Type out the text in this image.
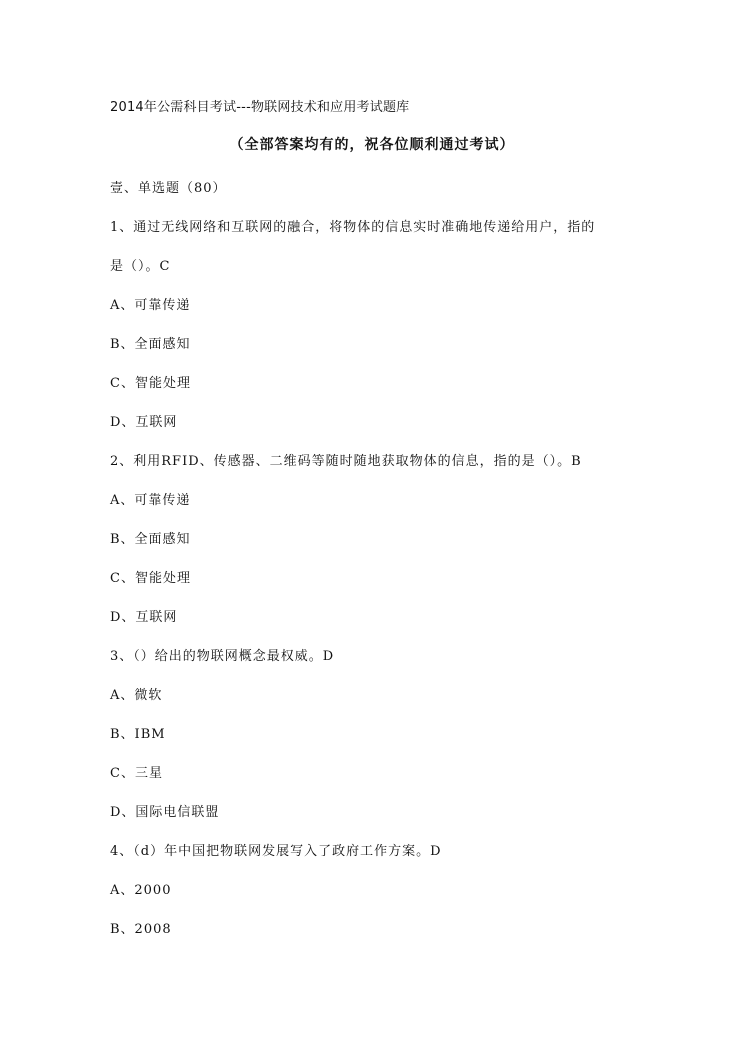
2014年公需科目考试---物联网技术和应用考试题库
（全部答案均有的，祝各位顺利通过考试）
壹、单选题（80）
1、通过无线网络和互联网的融合，将物体的信息实时准确地传递给用户，指的
是（）。C
A、可靠传递
B、全面感知
C、智能处理
D、互联网
2、利用RFID、传感器、二维码等随时随地获取物体的信息，指的是（）。B
A、可靠传递
B、全面感知
C、智能处理
D、互联网
3、（）给出的物联网概念最权威。D
A、微软
B、IBM
C、三星
D、国际电信联盟
4、（d）年中国把物联网发展写入了政府工作方案。D
A、2000
B、2008
